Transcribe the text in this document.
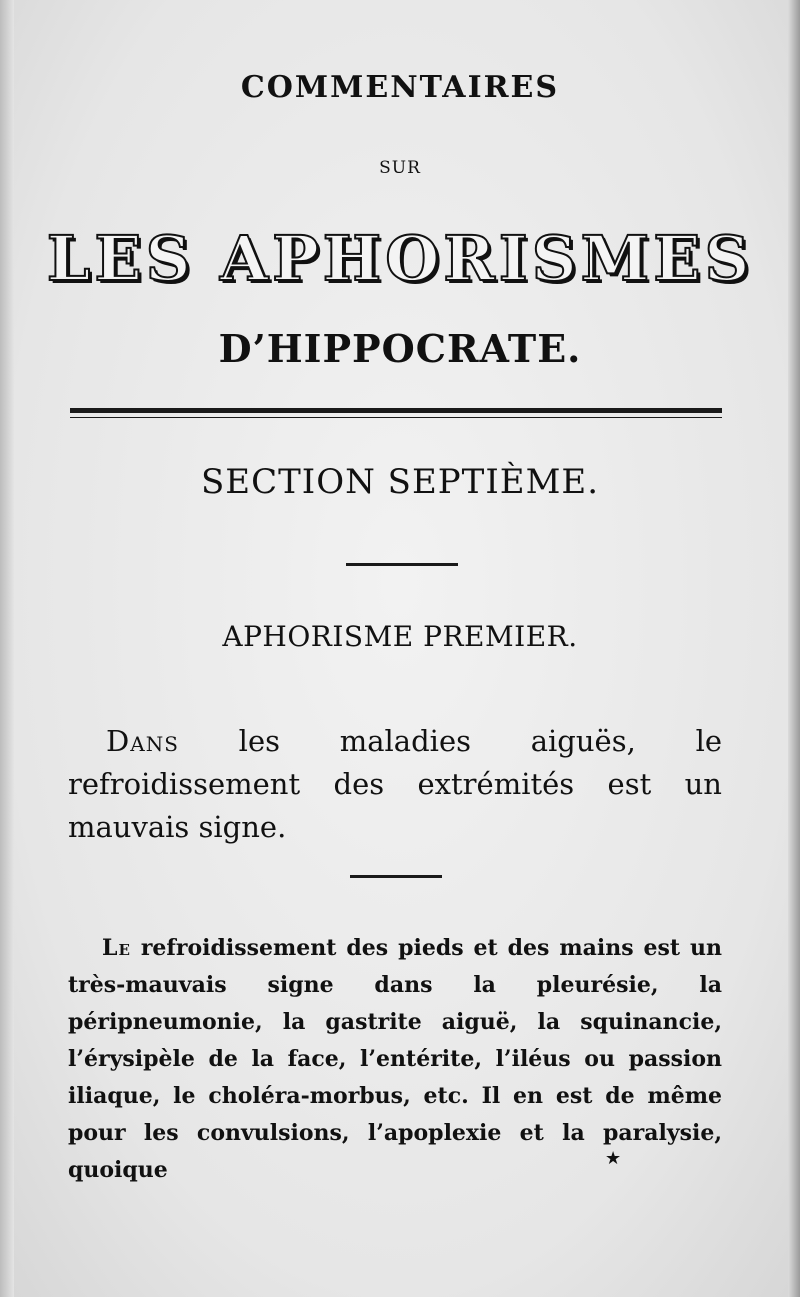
COMMENTAIRES
SUR
LES APHORISMES
D’HIPPOCRATE.
SECTION SEPTIÈME.
APHORISME PREMIER.
Dans les maladies aiguës, le refroidissement des extrémités est un mauvais signe.
Le refroidissement des pieds et des mains est un très-mauvais signe dans la pleurésie, la péripneumonie, la gastrite aiguë, la squinancie, l’érysipèle de la face, l’entérite, l’iléus ou passion iliaque, le choléra-morbus, etc. Il en est de même pour les convulsions, l’apoplexie et la paralysie, quoique	★
